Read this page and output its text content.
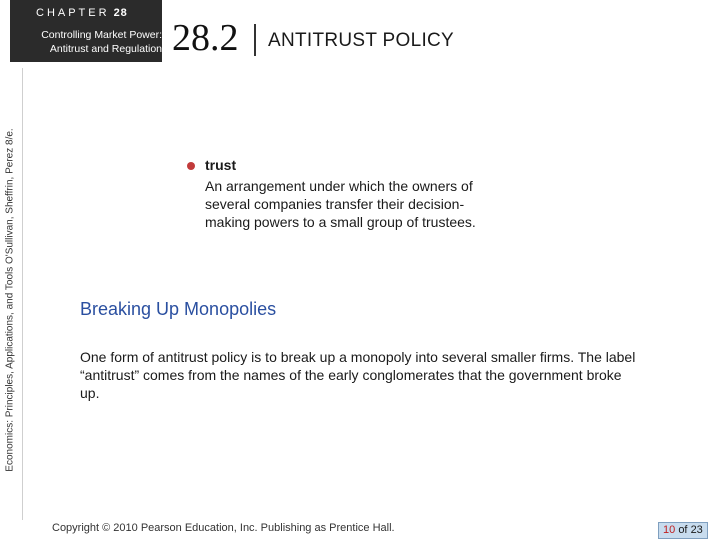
CHAPTER 28
Controlling Market Power:
Antitrust and Regulation
Economics: Principles, Applications, and Tools O'Sullivan, Sheffrin, Perez 8/e.
28.2 ANTITRUST POLICY
trust
An arrangement under which the owners of several companies transfer their decision-making powers to a small group of trustees.
Breaking Up Monopolies
One form of antitrust policy is to break up a monopoly into several smaller firms. The label “antitrust” comes from the names of the early conglomerates that the government broke up.
Copyright © 2010 Pearson Education, Inc. Publishing as Prentice Hall.	10 of 23
